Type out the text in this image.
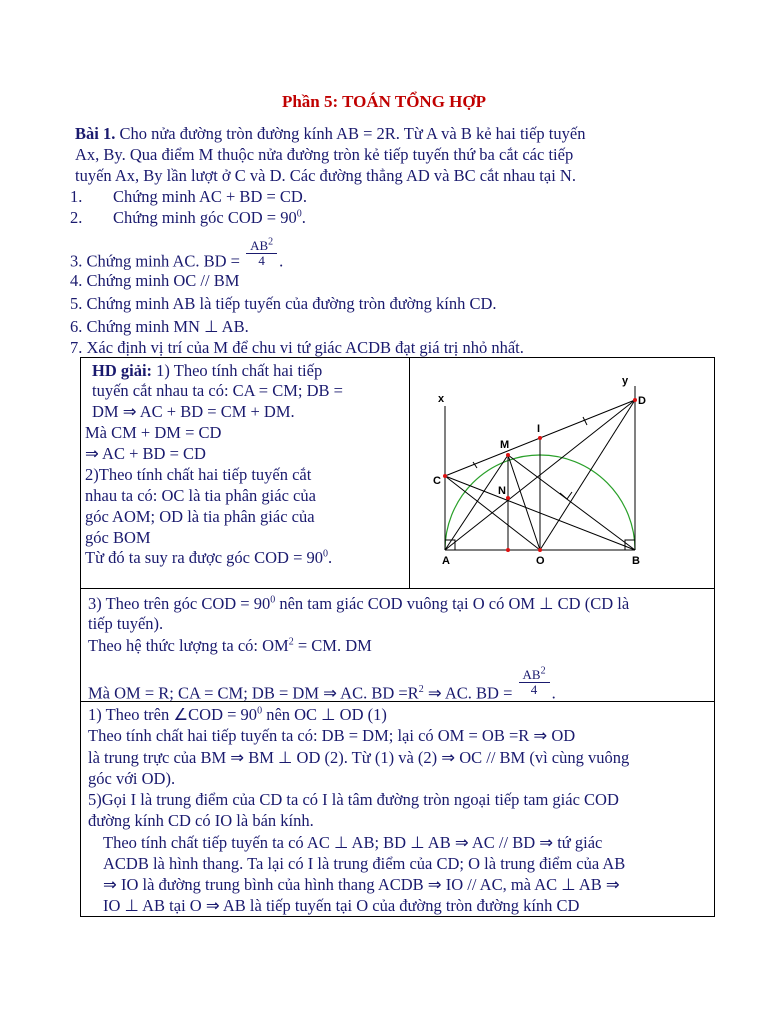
Phần 5: TOÁN TỔNG HỢP
Bài 1. Cho nửa đường tròn đường kính AB = 2R. Từ A và B kẻ hai tiếp tuyến
Ax, By. Qua điểm M thuộc nửa đường tròn kẻ tiếp tuyến thứ ba cắt các tiếp
tuyến Ax, By lần lượt ở C và D. Các đường thẳng AD và BC cắt nhau tại N.
1. Chứng minh AC + BD = CD.
2. Chứng minh góc COD = $90^0$.
3. Chứng minh AC. BD = $\frac{AB^2}{4}$ .
4. Chứng minh OC // BM
5. Chứng minh AB là tiếp tuyến của đường tròn đường kính CD.
6. Chứng minh MN ⊥ AB.
7. Xác định vị trí của M để chu vi tứ giác ACDB đạt giá trị nhỏ nhất.
HD giải: 1) Theo tính chất hai tiếp
tuyến cắt nhau ta có: CA = CM; DB =
DM ⇒ AC + BD = CM + DM.
Mà CM + DM = CD
⇒ AC + BD = CD
2)Theo tính chất hai tiếp tuyến cắt
nhau ta có: OC là tia phân giác của
góc AOM; OD là tia phân giác của
góc BOM
Từ đó ta suy ra được góc COD = $90^0$.
x
y
D
I
M
C
N
A	O	B
3) Theo trên góc COD = $90^0$ nên tam giác COD vuông tại O có OM ⊥ CD (CD là
tiếp tuyến).
Theo hệ thức lượng ta có: $OM^2$ = CM. DM
Mà OM = R; CA = CM; DB = DM ⇒ AC. BD $=R^2$ ⇒ AC. BD = $\frac{AB^2}{4}$ .
1) Theo trên ∠COD = $90^0$ nên OC ⊥ OD (1)
Theo tính chất hai tiếp tuyến ta có: DB = DM; lại có OM = OB =R ⇒ OD
là trung trực của BM ⇒ BM ⊥ OD (2). Từ (1) và (2) ⇒ OC // BM (vì cùng vuông
góc với OD).
5)Gọi I là trung điểm của CD ta có I là tâm đường tròn ngoại tiếp tam giác COD
đường kính CD có IO là bán kính.
Theo tính chất tiếp tuyến ta có AC ⊥ AB; BD ⊥ AB ⇒ AC // BD ⇒ tứ giác
ACDB là hình thang. Ta lại có I là trung điểm của CD; O là trung điểm của AB
⇒ IO là đường trung bình của hình thang ACDB ⇒ IO // AC, mà AC ⊥ AB ⇒
IO ⊥ AB tại O ⇒ AB là tiếp tuyến tại O của đường tròn đường kính CD
